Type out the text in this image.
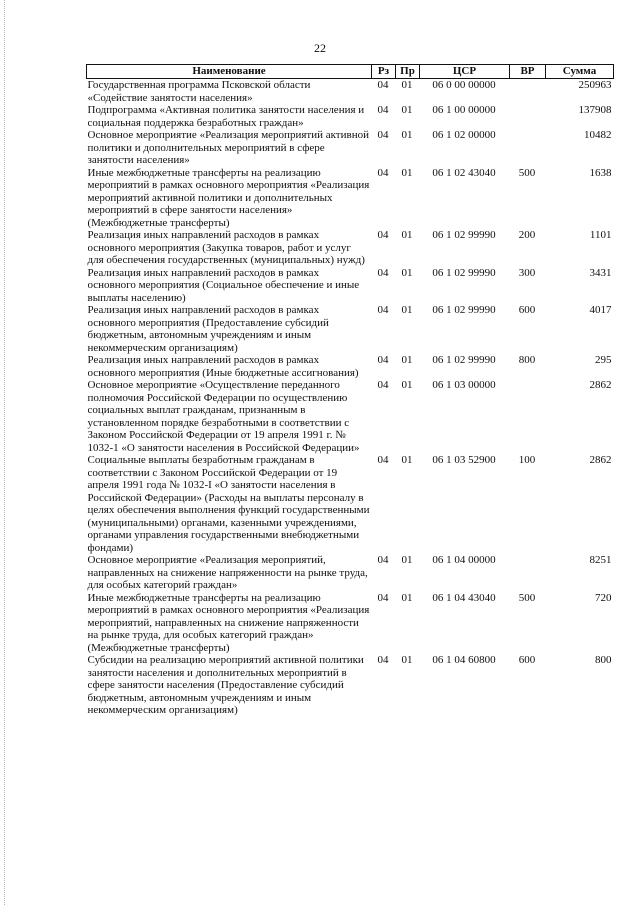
22
Наименование	Рз	Пр	ЦСР	ВР	Сумма
Государственная программа Псковской области «Содействие занятости населения»	04	01	06 0 00 00000		250963
Подпрограмма «Активная политика занятости населения и социальная поддержка безработных граждан»	04	01	06 1 00 00000		137908
Основное мероприятие «Реализация мероприятий активной политики и дополнительных мероприятий в сфере занятости населения»	04	01	06 1 02 00000		10482
Иные межбюджетные трансферты на реализацию мероприятий в рамках основного мероприятия «Реализация мероприятий активной политики и дополнительных мероприятий в сфере занятости населения» (Межбюджетные трансферты)	04	01	06 1 02 43040	500	1638
Реализация иных направлений расходов в рамках основного мероприятия (Закупка товаров, работ и услуг для обеспечения государственных (муниципальных) нужд)	04	01	06 1 02 99990	200	1101
Реализация иных направлений расходов в рамках основного мероприятия (Социальное обеспечение и иные выплаты населению)	04	01	06 1 02 99990	300	3431
Реализация иных направлений расходов в рамках основного мероприятия (Предоставление субсидий бюджетным, автономным учреждениям и иным некоммерческим организациям)	04	01	06 1 02 99990	600	4017
Реализация иных направлений расходов в рамках основного мероприятия (Иные бюджетные ассигнования)	04	01	06 1 02 99990	800	295
Основное мероприятие «Осуществление переданного полномочия Российской Федерации по осуществлению социальных выплат гражданам, признанным в установленном порядке безработными в соответствии с Законом Российской Федерации от 19 апреля 1991 г. № 1032-1 «О занятости населения в Российской Федерации»	04	01	06 1 03 00000		2862
Социальные выплаты безработным гражданам в соответствии с Законом Российской Федерации от 19 апреля 1991 года № 1032-I «О занятости населения в Российской Федерации» (Расходы на выплаты персоналу в целях обеспечения выполнения функций государственными (муниципальными) органами, казенными учреждениями, органами управления государственными внебюджетными фондами)	04	01	06 1 03 52900	100	2862
Основное мероприятие «Реализация мероприятий, направленных на снижение напряженности на рынке труда, для особых категорий граждан»	04	01	06 1 04 00000		8251
Иные межбюджетные трансферты на реализацию мероприятий в рамках основного мероприятия «Реализация мероприятий, направленных на снижение напряженности на рынке труда, для особых категорий граждан» (Межбюджетные трансферты)	04	01	06 1 04 43040	500	720
Субсидии на реализацию мероприятий активной политики занятости населения и дополнительных мероприятий в сфере занятости населения (Предоставление субсидий бюджетным, автономным учреждениям и иным некоммерческим организациям)	04	01	06 1 04 60800	600	800
